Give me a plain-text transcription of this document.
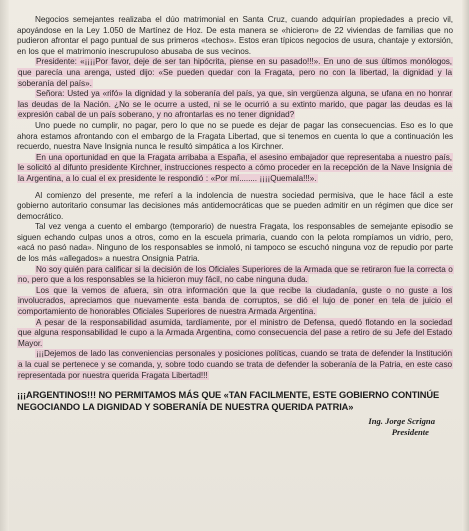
Negocios semejantes realizaba el dúo matrimonial en Santa Cruz, cuando adquirían propiedades a precio vil, apoyándose en la Ley 1.050 de Martínez de Hoz. De esta manera se «hicieron» de 22 viviendas de familias que no pudieron afrontar el pago puntual de sus primeros «techos». Estos eran típicos negocios de usura, chantaje y extorsión, en los que el matrimonio inescrupuloso abusaba de sus vecinos.

Presidente: «¡¡¡¡Por favor, deje de ser tan hipócrita, piense en su pasado!!!». En uno de sus últimos monólogos, que parecía una arenga, usted dijo: «Se pueden quedar con la Fragata, pero no con la libertad, la dignidad y la soberanía del país».

Señora: Usted ya «rifó» la dignidad y la soberanía del país, ya que, sin vergüenza alguna, se ufana en no honrar las deudas de la Nación. ¿No se le ocurre a usted, ni se le ocurrió a su extinto marido, que pagar las deudas es la expresión cabal de un país soberano, y no afrontarlas es no tener dignidad?

Uno puede no cumplir, no pagar, pero lo que no se puede es dejar de pagar las consecuencias. Eso es lo que ahora estamos afrontando con el embargo de la Fragata Libertad, que si tenemos en cuenta lo que a continuación les recuerdo, nuestra Nave Insignia nunca le resultó simpática a los Kirchner.

En una oportunidad en que la Fragata arribaba a España, el asesino embajador que representaba a nuestro país, le solicitó al difunto presidente Kirchner, instrucciones respecto a cómo proceder en la recepción de la Nave Insignia de la Argentina, a lo cual el ex presidente le respondió : «Por mí........ ¡¡¡¡Quemala!!!».

Al comienzo del presente, me referí a la indolencia de nuestra sociedad permisiva, que le hace fácil a este gobierno autoritario consumar las decisiones más antidemocráticas que se pueden admitir en un régimen que dice ser democrático.

Tal vez venga a cuento el embargo (temporario) de nuestra Fragata, los responsables de semejante episodio se siguen echando culpas unos a otros, como en la escuela primaria, cuando con la pelota rompíamos un vidrio, pero, «acá no pasó nada». Ninguno de los responsables se inmoló, ni tampoco se escuchó ninguna voz de repudio por parte de los más «allegados» a nuestra Onsignia Patria.

No soy quién para calificar si la decisión de los Oficiales Superiores de la Armada que se retiraron fue la correcta o no, pero que a los responsables se la hicieron muy fácil, no cabe ninguna duda.

Los que la vemos de afuera, sin otra información que la que recibe la ciudadanía, guste o no guste a los involucrados, apreciamos que nuevamente esta banda de corruptos, se dió el lujo de poner en tela de juicio el comportamiento de honorables Oficiales Superiores de nuestra Armada Argentina.

A pesar de la responsabilidad asumida, tardíamente, por el ministro de Defensa, quedó flotando en la sociedad que alguna responsabilidad le cupo a la Armada Argentina, como consecuencia del pase a retiro de su Jefe del Estado Mayor.

¡¡¡Dejemos de lado las conveniencias personales y posiciones políticas, cuando se trata de defender la Institución a la cual se pertenece y se comanda, y, sobre todo cuando se trata de defender la soberanía de la Patria, en este caso representada por nuestra querida Fragata Libertad!!!

¡¡¡ARGENTINOS!!! NO PERMITAMOS MÁS QUE «TAN FACILMENTE, ESTE GOBIERNO CONTINÚE NEGOCIANDO LA DIGNIDAD Y SOBERANÍA DE NUESTRA QUERIDA PATRIA»
Ing. Jorge Scrigna
Presidente
